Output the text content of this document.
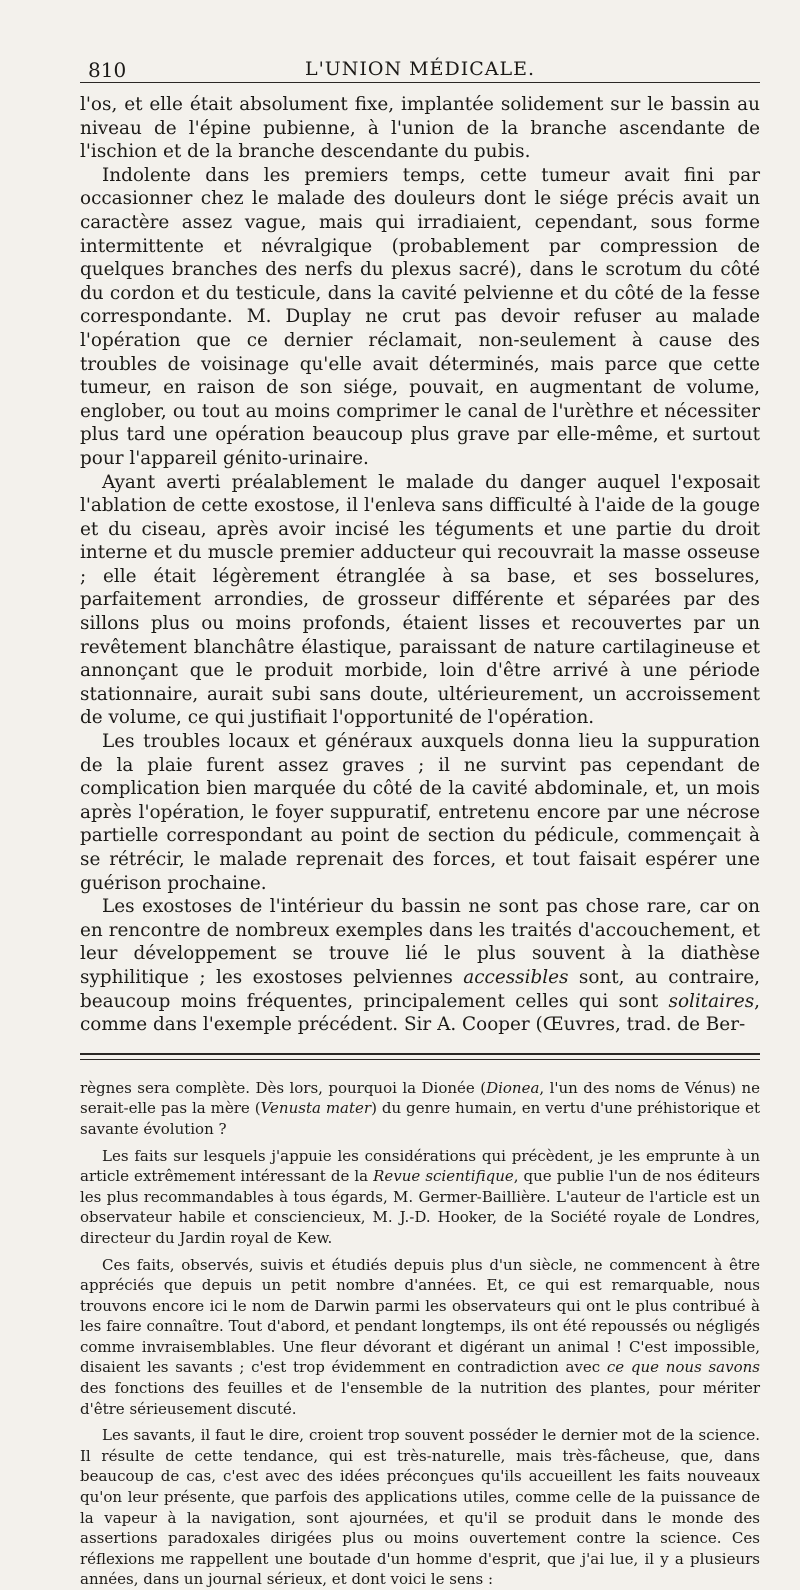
810	L'UNION MÉDICALE.

l'os, et elle était absolument fixe, implantée solidement sur le bassin au niveau de l'épine pubienne, à l'union de la branche ascendante de l'ischion et de la branche descendante du pubis.

Indolente dans les premiers temps, cette tumeur avait fini par occasionner chez le malade des douleurs dont le siége précis avait un caractère assez vague, mais qui irradiaient, cependant, sous forme intermittente et névralgique (probablement par compression de quelques branches des nerfs du plexus sacré), dans le scrotum du côté du cordon et du testicule, dans la cavité pelvienne et du côté de la fesse correspondante. M. Duplay ne crut pas devoir refuser au malade l'opération que ce dernier réclamait, non-seulement à cause des troubles de voisinage qu'elle avait déterminés, mais parce que cette tumeur, en raison de son siége, pouvait, en augmentant de volume, englober, ou tout au moins comprimer le canal de l'urèthre et nécessiter plus tard une opération beaucoup plus grave par elle-même, et surtout pour l'appareil génito-urinaire.

Ayant averti préalablement le malade du danger auquel l'exposait l'ablation de cette exostose, il l'enleva sans difficulté à l'aide de la gouge et du ciseau, après avoir incisé les téguments et une partie du droit interne et du muscle premier adducteur qui recouvrait la masse osseuse ; elle était légèrement étranglée à sa base, et ses bosselures, parfaitement arrondies, de grosseur différente et séparées par des sillons plus ou moins profonds, étaient lisses et recouvertes par un revêtement blanchâtre élastique, paraissant de nature cartilagineuse et annonçant que le produit morbide, loin d'être arrivé à une période stationnaire, aurait subi sans doute, ultérieurement, un accroissement de volume, ce qui justifiait l'opportunité de l'opération.

Les troubles locaux et généraux auxquels donna lieu la suppuration de la plaie furent assez graves ; il ne survint pas cependant de complication bien marquée du côté de la cavité abdominale, et, un mois après l'opération, le foyer suppuratif, entretenu encore par une nécrose partielle correspondant au point de section du pédicule, commençait à se rétrécir, le malade reprenait des forces, et tout faisait espérer une guérison prochaine.

Les exostoses de l'intérieur du bassin ne sont pas chose rare, car on en rencontre de nombreux exemples dans les traités d'accouchement, et leur développement se trouve lié le plus souvent à la diathèse syphilitique ; les exostoses pelviennes accessibles sont, au contraire, beaucoup moins fréquentes, principalement celles qui sont solitaires, comme dans l'exemple précédent. Sir A. Cooper (Œuvres, trad. de Ber-

règnes sera complète. Dès lors, pourquoi la Dionée (Dionea, l'un des noms de Vénus) ne serait-elle pas la mère (Venusta mater) du genre humain, en vertu d'une préhistorique et savante évolution ?

Les faits sur lesquels j'appuie les considérations qui précèdent, je les emprunte à un article extrêmement intéressant de la Revue scientifique, que publie l'un de nos éditeurs les plus recommandables à tous égards, M. Germer-Baillière. L'auteur de l'article est un observateur habile et consciencieux, M. J.-D. Hooker, de la Société royale de Londres, directeur du Jardin royal de Kew.

Ces faits, observés, suivis et étudiés depuis plus d'un siècle, ne commencent à être appréciés que depuis un petit nombre d'années. Et, ce qui est remarquable, nous trouvons encore ici le nom de Darwin parmi les observateurs qui ont le plus contribué à les faire connaître. Tout d'abord, et pendant longtemps, ils ont été repoussés ou négligés comme invraisemblables. Une fleur dévorant et digérant un animal ! C'est impossible, disaient les savants ; c'est trop évidemment en contradiction avec ce que nous savons des fonctions des feuilles et de l'ensemble de la nutrition des plantes, pour mériter d'être sérieusement discuté.

Les savants, il faut le dire, croient trop souvent posséder le dernier mot de la science. Il résulte de cette tendance, qui est très-naturelle, mais très-fâcheuse, que, dans beaucoup de cas, c'est avec des idées préconçues qu'ils accueillent les faits nouveaux qu'on leur présente, que parfois des applications utiles, comme celle de la puissance de la vapeur à la navigation, sont ajournées, et qu'il se produit dans le monde des assertions paradoxales dirigées plus ou moins ouvertement contre la science. Ces réflexions me rappellent une boutade d'un homme d'esprit, que j'ai lue, il y a plusieurs années, dans un journal sérieux, et dont voici le sens :
